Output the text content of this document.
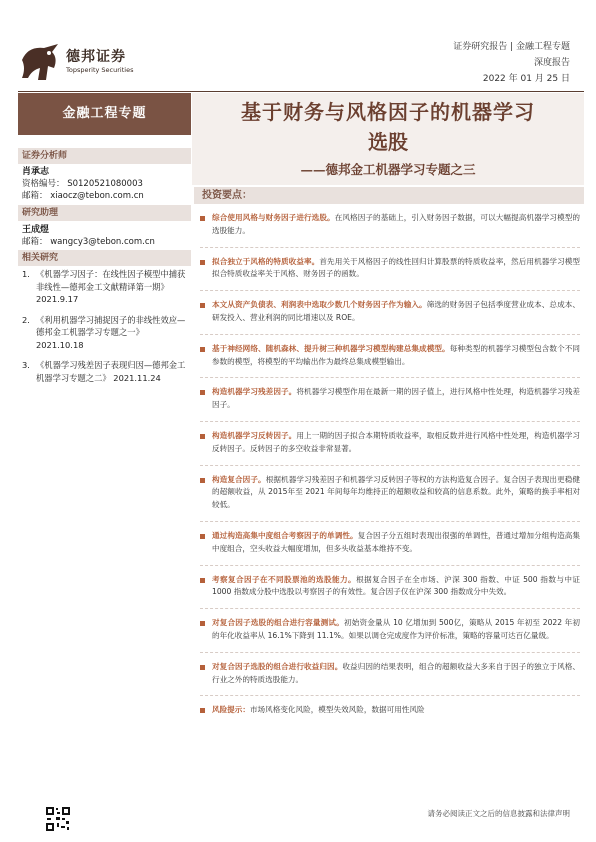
德邦证券
Topsperity Securities
证券研究报告 | 金融工程专题
深度报告
2022 年 01 月 25 日
金融工程专题
证券分析师
肖承志
资格编号： S0120521080003
邮箱： xiaocz@tebon.com.cn
研究助理
王成煜
邮箱： wangcy3@tebon.com.cn
相关研究
1. 《机器学习因子：在线性因子模型中捕获非线性—德邦金工文献精译第一期》 2021.9.17
2. 《利用机器学习捕捉因子的非线性效应—德邦金工机器学习专题之一》 2021.10.18
3. 《机器学习残差因子表现归因—德邦金工机器学习专题之二》 2021.11.24
基于财务与风格因子的机器学习
选股
——德邦金工机器学习专题之三
投资要点：
综合使用风格与财务因子进行选股。在风格因子的基础上，引入财务因子数据，可以大幅提高机器学习模型的选股能力。
拟合独立于风格的特质收益率。首先用关于风格因子的线性回归计算股票的特质收益率，然后用机器学习模型拟合特质收益率关于风格、财务因子的函数。
本文从资产负债表、利润表中选取少数几个财务因子作为输入。筛选的财务因子包括季度营业成本、总成本、研发投入、营业利润的同比增速以及 ROE。
基于神经网络、随机森林、提升树三种机器学习模型构建总集成模型。每种类型的机器学习模型包含数个不同参数的模型，将模型的平均输出作为最终总集成模型输出。
构造机器学习残差因子。将机器学习模型作用在最新一期的因子值上，进行风格中性处理，构造机器学习残差因子。
构造机器学习反转因子。用上一期的因子拟合本期特质收益率，取相反数并进行风格中性处理，构造机器学习反转因子。反转因子的多空收益非常显著。
构造复合因子。根据机器学习残差因子和机器学习反转因子等权的方法构造复合因子。复合因子表现出更稳健的超额收益，从 2015年至 2021 年间每年均维持正的超额收益和较高的信息系数。此外，策略的换手率相对较低。
通过构造高集中度组合考察因子的单调性。复合因子分五组时表现出很强的单调性，普通过增加分组构造高集中度组合，空头收益大幅度增加，但多头收益基本维持不变。
考察复合因子在不同股票池的选股能力。根据复合因子在全市场、沪深 300 指数、中证 500 指数与中证 1000 指数成分股中选股以考察因子的有效性。复合因子仅在沪深 300 指数成分中失效。
对复合因子选股的组合进行容量测试。初始资金量从 10 亿增加到 500亿，策略从 2015 年初至 2022 年初的年化收益率从 16.1%下降到 11.1%。如果以调仓完成度作为评价标准，策略的容量可达百亿量级。
对复合因子选股的组合进行收益归因。收益归因的结果表明，组合的超额收益大多来自于因子的独立于风格、行业之外的特质选股能力。
风险提示：市场风格变化风险，模型失效风险，数据可用性风险
请务必阅读正文之后的信息披露和法律声明
